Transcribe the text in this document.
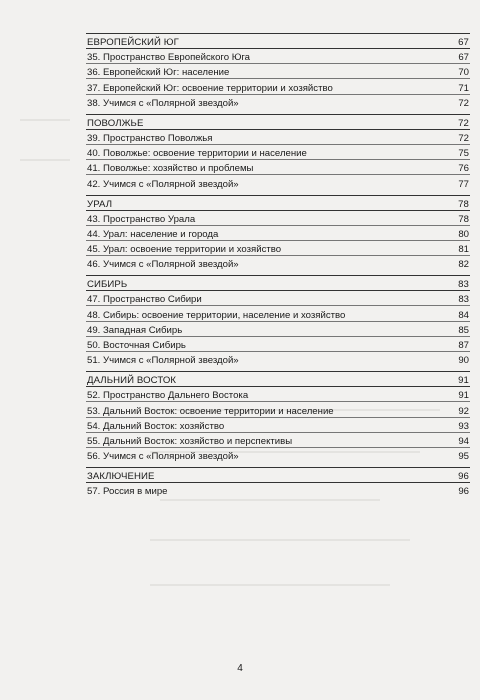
ЕВРОПЕЙСКИЙ ЮГ	67
35. Пространство Европейского Юга	67
36. Европейский Юг: население	70
37. Европейский Юг: освоение территории и хозяйство	71
38. Учимся с «Полярной звездой»	72
ПОВОЛЖЬЕ	72
39. Пространство Поволжья	72
40. Поволжье: освоение территории и население	75
41. Поволжье: хозяйство и проблемы	76
42. Учимся с «Полярной звездой»	77
УРАЛ	78
43. Пространство Урала	78
44. Урал: население и города	80
45. Урал: освоение территории и хозяйство	81
46. Учимся с «Полярной звездой»	82
СИБИРЬ	83
47. Пространство Сибири	83
48. Сибирь: освоение территории, население и хозяйство	84
49. Западная Сибирь	85
50. Восточная Сибирь	87
51. Учимся с «Полярной звездой»	90
ДАЛЬНИЙ ВОСТОК	91
52. Пространство Дальнего Востока	91
53. Дальний Восток: освоение территории и население	92
54. Дальний Восток: хозяйство	93
55. Дальний Восток: хозяйство и перспективы	94
56. Учимся с «Полярной звездой»	95
ЗАКЛЮЧЕНИЕ	96
57. Россия в мире	96
4
